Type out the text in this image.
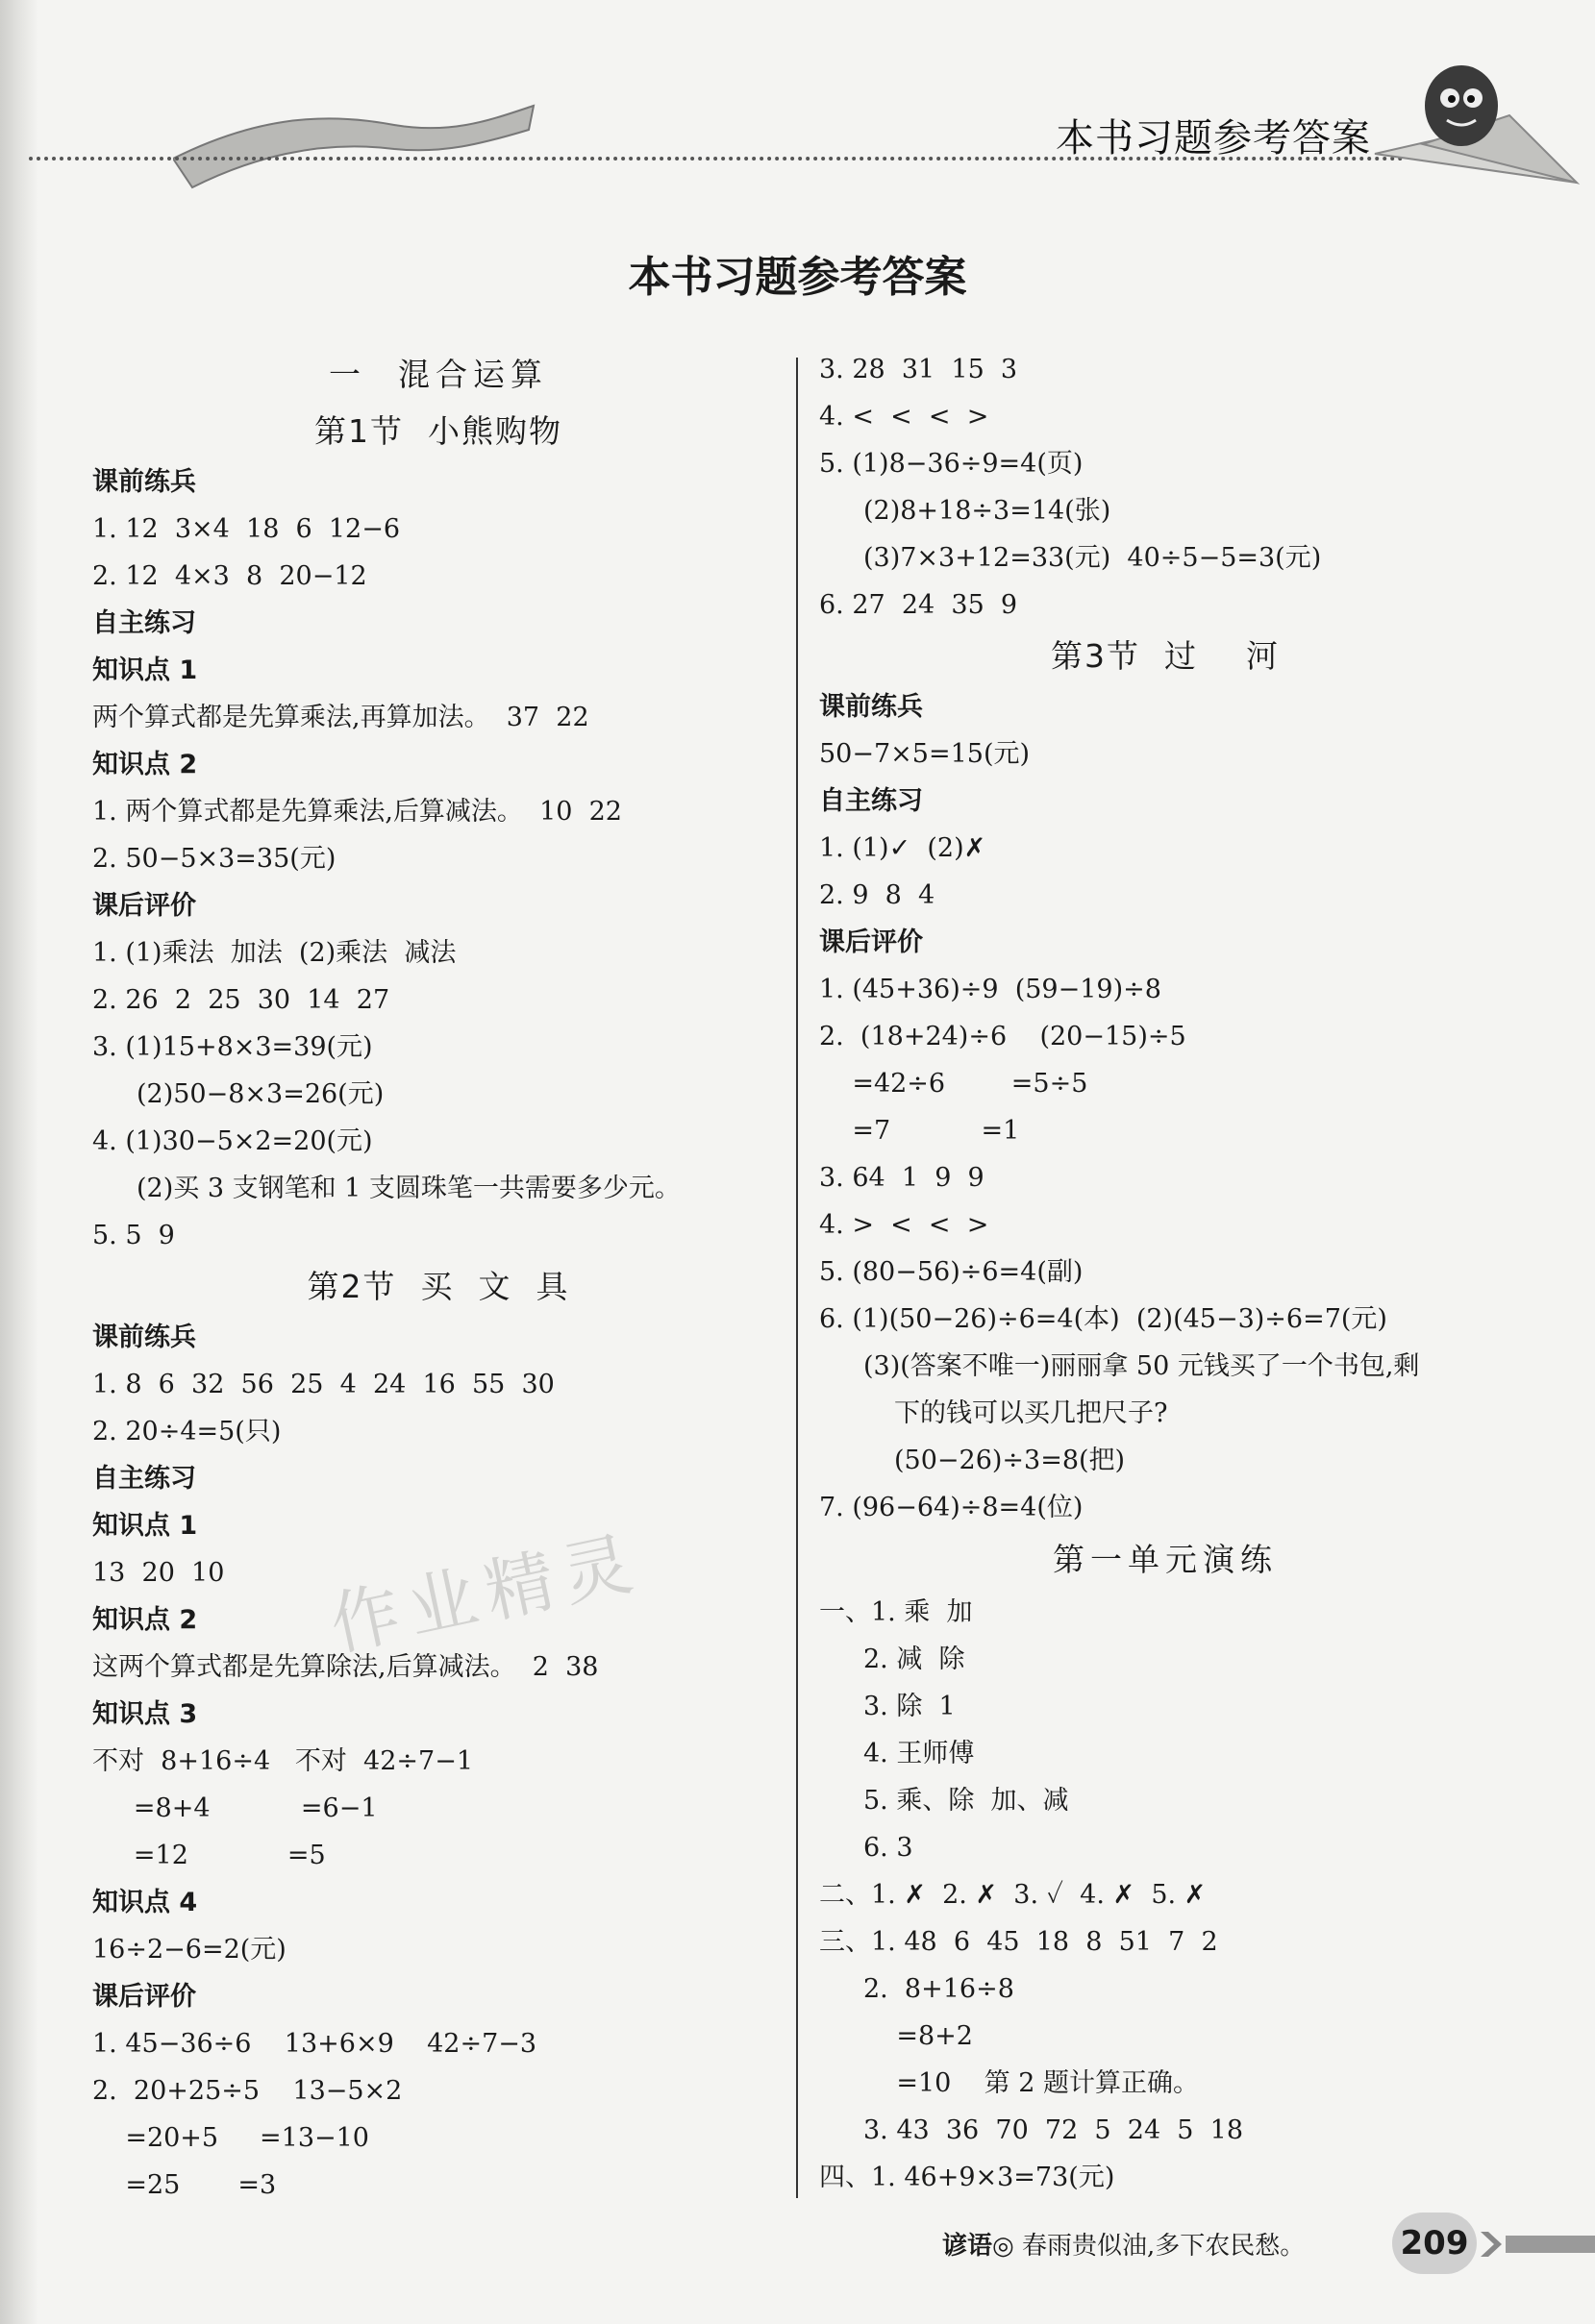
本书习题参考答案
本书习题参考答案
一  混合运算
第1节  小熊购物
课前练兵
1. 12  3×4  18  6  12−6
2. 12  4×3  8  20−12
自主练习
知识点 1
两个算式都是先算乘法,再算加法。  37  22
知识点 2
1. 两个算式都是先算乘法,后算减法。  10  22
2. 50−5×3=35(元)
课后评价
1. (1)乘法  加法  (2)乘法  减法
2. 26  2  25  30  14  27
3. (1)15+8×3=39(元)
(2)50−8×3=26(元)
4. (1)30−5×2=20(元)
(2)买 3 支钢笔和 1 支圆珠笔一共需要多少元。
5. 5  9
第2节  买  文  具
课前练兵
1. 8  6  32  56  25  4  24  16  55  30
2. 20÷4=5(只)
自主练习
知识点 1
13  20  10
知识点 2
这两个算式都是先算除法,后算减法。  2  38
知识点 3
不对  8+16÷4   不对  42÷7−1
=8+4           =6−1
=12            =5
知识点 4
16÷2−6=2(元)
课后评价
1. 45−36÷6    13+6×9    42÷7−3
2.  20+25÷5    13−5×2
=20+5     =13−10
=25       =3
3. 28  31  15  3
4. <  <  <  >
5. (1)8−36÷9=4(页)
(2)8+18÷3=14(张)
(3)7×3+12=33(元)  40÷5−5=3(元)
6. 27  24  35  9
第3节  过    河
课前练兵
50−7×5=15(元)
自主练习
1. (1)✓  (2)✗
2. 9  8  4
课后评价
1. (45+36)÷9  (59−19)÷8
2.  (18+24)÷6    (20−15)÷5
=42÷6        =5÷5
=7           =1
3. 64  1  9  9
4. >  <  <  >
5. (80−56)÷6=4(副)
6. (1)(50−26)÷6=4(本)  (2)(45−3)÷6=7(元)
(3)(答案不唯一)丽丽拿 50 元钱买了一个书包,剩
下的钱可以买几把尺子?
(50−26)÷3=8(把)
7. (96−64)÷8=4(位)
第一单元演练
一、1. 乘  加
2. 减  除
3. 除  1
4. 王师傅
5. 乘、除  加、减
6. 3
二、1. ✗  2. ✗  3. ✓  4. ✗  5. ✗
三、1. 48  6  45  18  8  51  7  2
2.  8+16÷8
=8+2
=10    第 2 题计算正确。
3. 43  36  70  72  5  24  5  18
四、1. 46+9×3=73(元)
作业精灵
谚语◎ 春雨贵似油,多下农民愁。	209
